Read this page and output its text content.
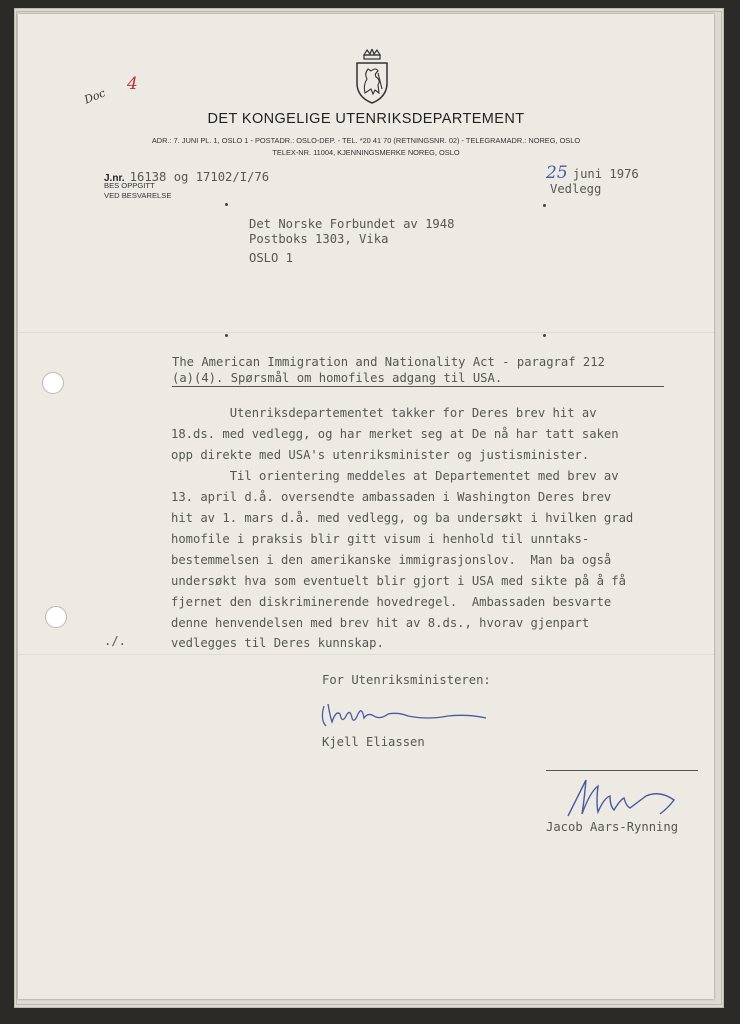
Doc
4
DET KONGELIGE UTENRIKSDEPARTEMENT
ADR.: 7. JUNI PL. 1, OSLO 1 - POSTADR.: OSLO-DEP. - TEL. *20 41 70 (RETNINGSNR. 02) - TELEGRAMADR.: NOREG, OSLO
TELEX-NR. 11004, KJENNINGSMERKE NOREG, OSLO
J.nr. 16138 og 17102/I/76
BES OPPGITT
VED BESVARELSE
25 juni 1976
Vedlegg
Det Norske Forbundet av 1948
Postboks 1303, Vika
OSLO 1
The American Immigration and Nationality Act - paragraf 212
(a)(4). Spørsmål om homofiles adgang til USA.
Utenriksdepartementet takker for Deres brev hit av
18.ds. med vedlegg, og har merket seg at De nå har tatt saken
opp direkte med USA's utenriksminister og justisminister.
Til orientering meddeles at Departementet med brev av
13. april d.å. oversendte ambassaden i Washington Deres brev
hit av 1. mars d.å. med vedlegg, og ba undersøkt i hvilken grad
homofile i praksis blir gitt visum i henhold til unntaks-
bestemmelsen i den amerikanske immigrasjonslov.  Man ba også
undersøkt hva som eventuelt blir gjort i USA med sikte på å få
fjernet den diskriminerende hovedregel.  Ambassaden besvarte
denne henvendelsen med brev hit av 8.ds., hvorav gjenpart
vedlegges til Deres kunnskap.
./.
For Utenriksministeren:
Kjell Eliassen
Jacob Aars-Rynning
